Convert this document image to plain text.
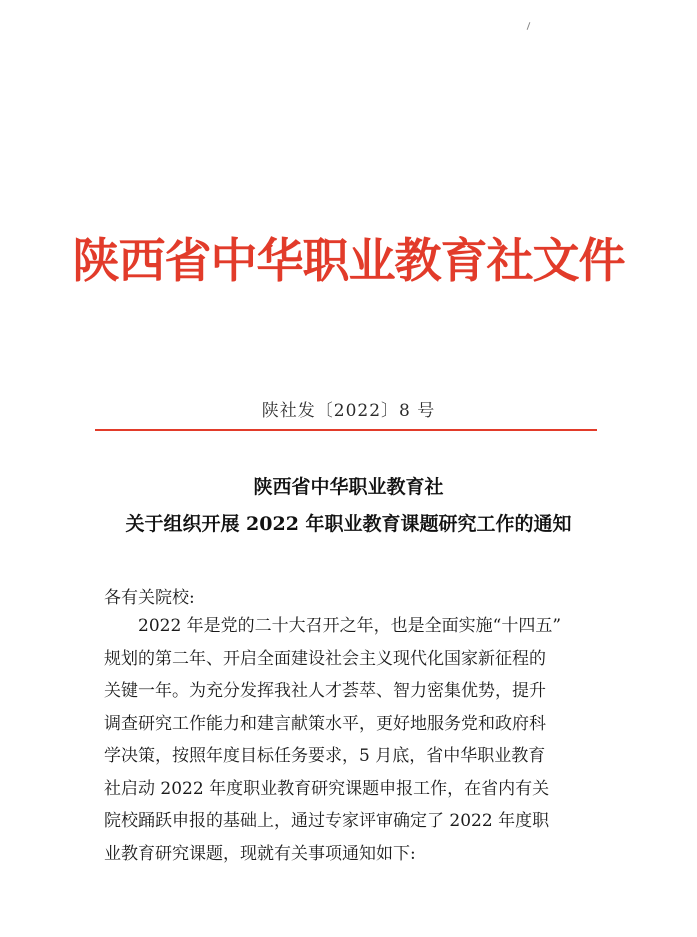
陕西省中华职业教育社文件
陕社发〔2022〕8 号
陕西省中华职业教育社
关于组织开展 2022 年职业教育课题研究工作的通知
各有关院校:
　　2022 年是党的二十大召开之年，也是全面实施“十四五”
规划的第二年、开启全面建设社会主义现代化国家新征程的
关键一年。为充分发挥我社人才荟萃、智力密集优势，提升
调查研究工作能力和建言献策水平，更好地服务党和政府科
学决策，按照年度目标任务要求，5 月底，省中华职业教育
社启动 2022 年度职业教育研究课题申报工作，在省内有关
院校踊跃申报的基础上，通过专家评审确定了 2022 年度职
业教育研究课题，现就有关事项通知如下:
